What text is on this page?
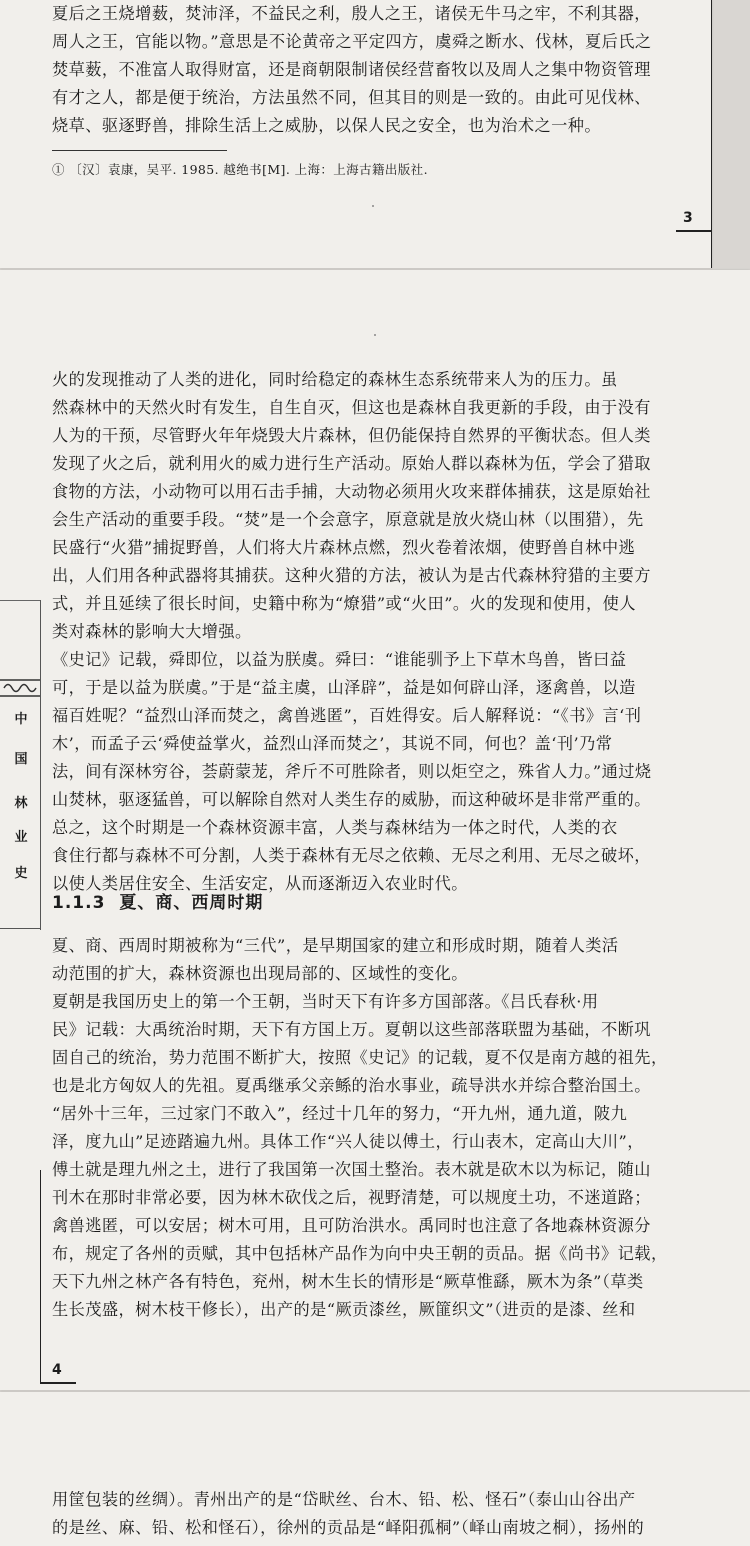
夏后之王烧增薮，焚沛泽，不益民之利，殷人之王，诸侯无牛马之牢，不利其器，
周人之王，官能以物。”意思是不论黄帝之平定四方，虞舜之断水、伐林，夏后氏之
焚草薮，不准富人取得财富，还是商朝限制诸侯经营畜牧以及周人之集中物资管理
有才之人，都是便于统治，方法虽然不同，但其目的则是一致的。由此可见伐林、
烧草、驱逐野兽，排除生活上之威胁，以保人民之安全，也为治术之一种。
① 〔汉〕袁康，吴平. 1985. 越绝书[M]. 上海：上海古籍出版社.
3
火的发现推动了人类的进化，同时给稳定的森林生态系统带来人为的压力。虽
然森林中的天然火时有发生，自生自灭，但这也是森林自我更新的手段，由于没有
人为的干预，尽管野火年年烧毁大片森林，但仍能保持自然界的平衡状态。但人类
发现了火之后，就利用火的威力进行生产活动。原始人群以森林为伍，学会了猎取
食物的方法，小动物可以用石击手捕，大动物必须用火攻来群体捕获，这是原始社
会生产活动的重要手段。“焚”是一个会意字，原意就是放火烧山林（以围猎），先
民盛行“火猎”捕捉野兽，人们将大片森林点燃，烈火卷着浓烟，使野兽自林中逃
出，人们用各种武器将其捕获。这种火猎的方法，被认为是古代森林狩猎的主要方
式，并且延续了很长时间，史籍中称为“燎猎”或“火田”。火的发现和使用，使人
类对森林的影响大大增强。
《史记》记载，舜即位，以益为朕虞。舜曰：“谁能驯予上下草木鸟兽，皆曰益
可，于是以益为朕虞。”于是“益主虞，山泽辟”，益是如何辟山泽，逐禽兽，以造
福百姓呢？“益烈山泽而焚之，禽兽逃匿”，百姓得安。后人解释说：“《书》言‘刊
木’，而孟子云‘舜使益掌火，益烈山泽而焚之’，其说不同，何也？盖‘刊’乃常
法，间有深林穷谷，荟蔚蒙茏，斧斤不可胜除者，则以炬空之，殊省人力。”通过烧
山焚林，驱逐猛兽，可以解除自然对人类生存的威胁，而这种破坏是非常严重的。
总之，这个时期是一个森林资源丰富，人类与森林结为一体之时代，人类的衣
食住行都与森林不可分割，人类于森林有无尽之依赖、无尽之利用、无尽之破坏，
以使人类居住安全、生活安定，从而逐渐迈入农业时代。
1.1.3 夏、商、西周时期
夏、商、西周时期被称为“三代”，是早期国家的建立和形成时期，随着人类活
动范围的扩大，森林资源也出现局部的、区域性的变化。
夏朝是我国历史上的第一个王朝，当时天下有许多方国部落。《吕氏春秋·用
民》记载：大禹统治时期，天下有方国上万。夏朝以这些部落联盟为基础，不断巩
固自己的统治，势力范围不断扩大，按照《史记》的记载，夏不仅是南方越的祖先，
也是北方匈奴人的先祖。夏禹继承父亲鲧的治水事业，疏导洪水并综合整治国土。
“居外十三年，三过家门不敢入”，经过十几年的努力，“开九州，通九道，陂九
泽，度九山”足迹踏遍九州。具体工作“兴人徒以傅土，行山表木，定高山大川”，
傅土就是理九州之土，进行了我国第一次国土整治。表木就是砍木以为标记，随山
刊木在那时非常必要，因为林木砍伐之后，视野清楚，可以规度土功，不迷道路；
禽兽逃匿，可以安居；树木可用，且可防治洪水。禹同时也注意了各地森林资源分
布，规定了各州的贡赋，其中包括林产品作为向中央王朝的贡品。据《尚书》记载，
天下九州之林产各有特色，兖州，树木生长的情形是“厥草惟繇，厥木为条”（草类
生长茂盛，树木枝干修长），出产的是“厥贡漆丝，厥篚织文”（进贡的是漆、丝和
中
国
林
业
史
4
用筐包装的丝绸）。青州出产的是“岱畎丝、台木、铅、松、怪石”（泰山山谷出产
的是丝、麻、铅、松和怪石），徐州的贡品是“峄阳孤桐”（峄山南坡之桐），扬州的
